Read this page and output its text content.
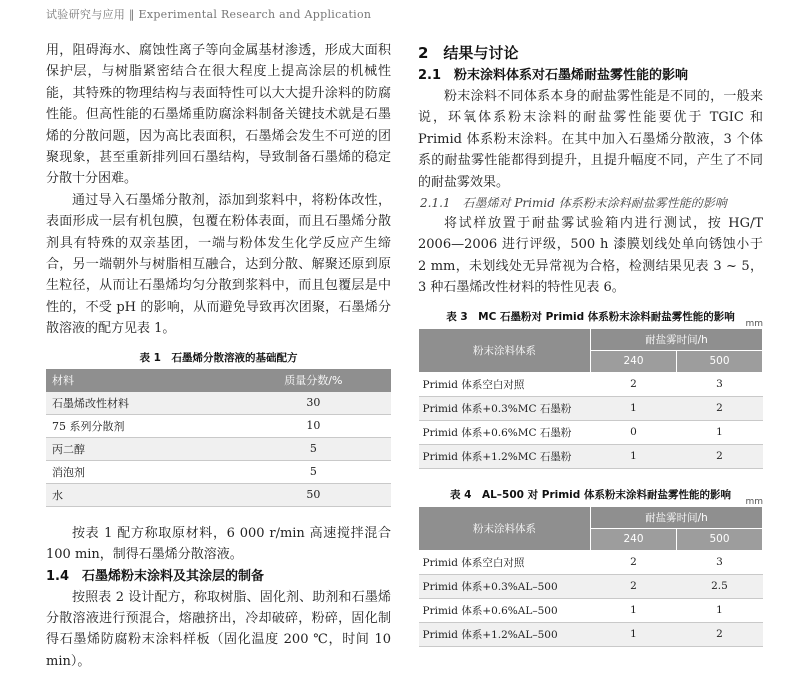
试验研究与应用 ‖ Experimental Research and Application

用，阻碍海水、腐蚀性离子等向金属基材渗透，形成大面积保护层，与树脂紧密结合在很大程度上提高涂层的机械性能，其特殊的物理结构与表面特性可以大大提升涂料的防腐性能。但高性能的石墨烯重防腐涂料制备关键技术就是石墨烯的分散问题，因为高比表面积，石墨烯会发生不可逆的团聚现象，甚至重新排列回石墨结构，导致制备石墨烯的稳定分散十分困难。

通过导入石墨烯分散剂，添加到浆料中，将粉体改性，表面形成一层有机包膜，包覆在粉体表面，而且石墨烯分散剂具有特殊的双亲基团，一端与粉体发生化学反应产生缔合，另一端朝外与树脂相互融合，达到分散、解聚还原到原生粒径，从而让石墨烯均匀分散到浆料中，而且包覆层是中性的，不受 pH 的影响，从而避免导致再次团聚，石墨烯分散溶液的配方见表 1。

表 1　石墨烯分散溶液的基础配方
材料	质量分数/%
石墨烯改性材料	30
75 系列分散剂	10
丙二醇	5
消泡剂	5
水	50

按表 1 配方称取原材料，6 000 r/min 高速搅拌混合 100 min，制得石墨烯分散溶液。

1.4　石墨烯粉末涂料及其涂层的制备

按照表 2 设计配方，称取树脂、固化剂、助剂和石墨烯分散溶液进行预混合，熔融挤出，冷却破碎，粉碎，固化制得石墨烯防腐粉末涂料样板（固化温度 200 ℃，时间 10 min）。

2　结果与讨论
2.1　粉末涂料体系对石墨烯耐盐雾性能的影响

粉末涂料不同体系本身的耐盐雾性能是不同的，一般来说，环氧体系粉末涂料的耐盐雾性能要优于 TGIC 和 Primid 体系粉末涂料。在其中加入石墨烯分散液，3 个体系的耐盐雾性能都得到提升，且提升幅度不同，产生了不同的耐盐雾效果。

2.1.1　石墨烯对 Primid 体系粉末涂料耐盐雾性能的影响

将试样放置于耐盐雾试验箱内进行测试，按 HG/T 2006—2006 进行评级，500 h 漆膜划线处单向锈蚀小于 2 mm，未划线处无异常视为合格，检测结果见表 3 ~ 5，3 种石墨烯改性材料的特性见表 6。

表 3　MC 石墨粉对 Primid 体系粉末涂料耐盐雾性能的影响
mm
粉末涂料体系	耐盐雾时间/h	
	240	500
Primid 体系空白对照	2	3
Primid 体系+0.3%MC 石墨粉	1	2
Primid 体系+0.6%MC 石墨粉	0	1
Primid 体系+1.2%MC 石墨粉	1	2
表 4　AL–500 对 Primid 体系粉末涂料耐盐雾性能的影响
mm
粉末涂料体系	耐盐雾时间/h	
	240	500
Primid 体系空白对照	2	3
Primid 体系+0.3%AL–500	2	2.5
Primid 体系+0.6%AL–500	1	1
Primid 体系+1.2%AL–500	1	2
